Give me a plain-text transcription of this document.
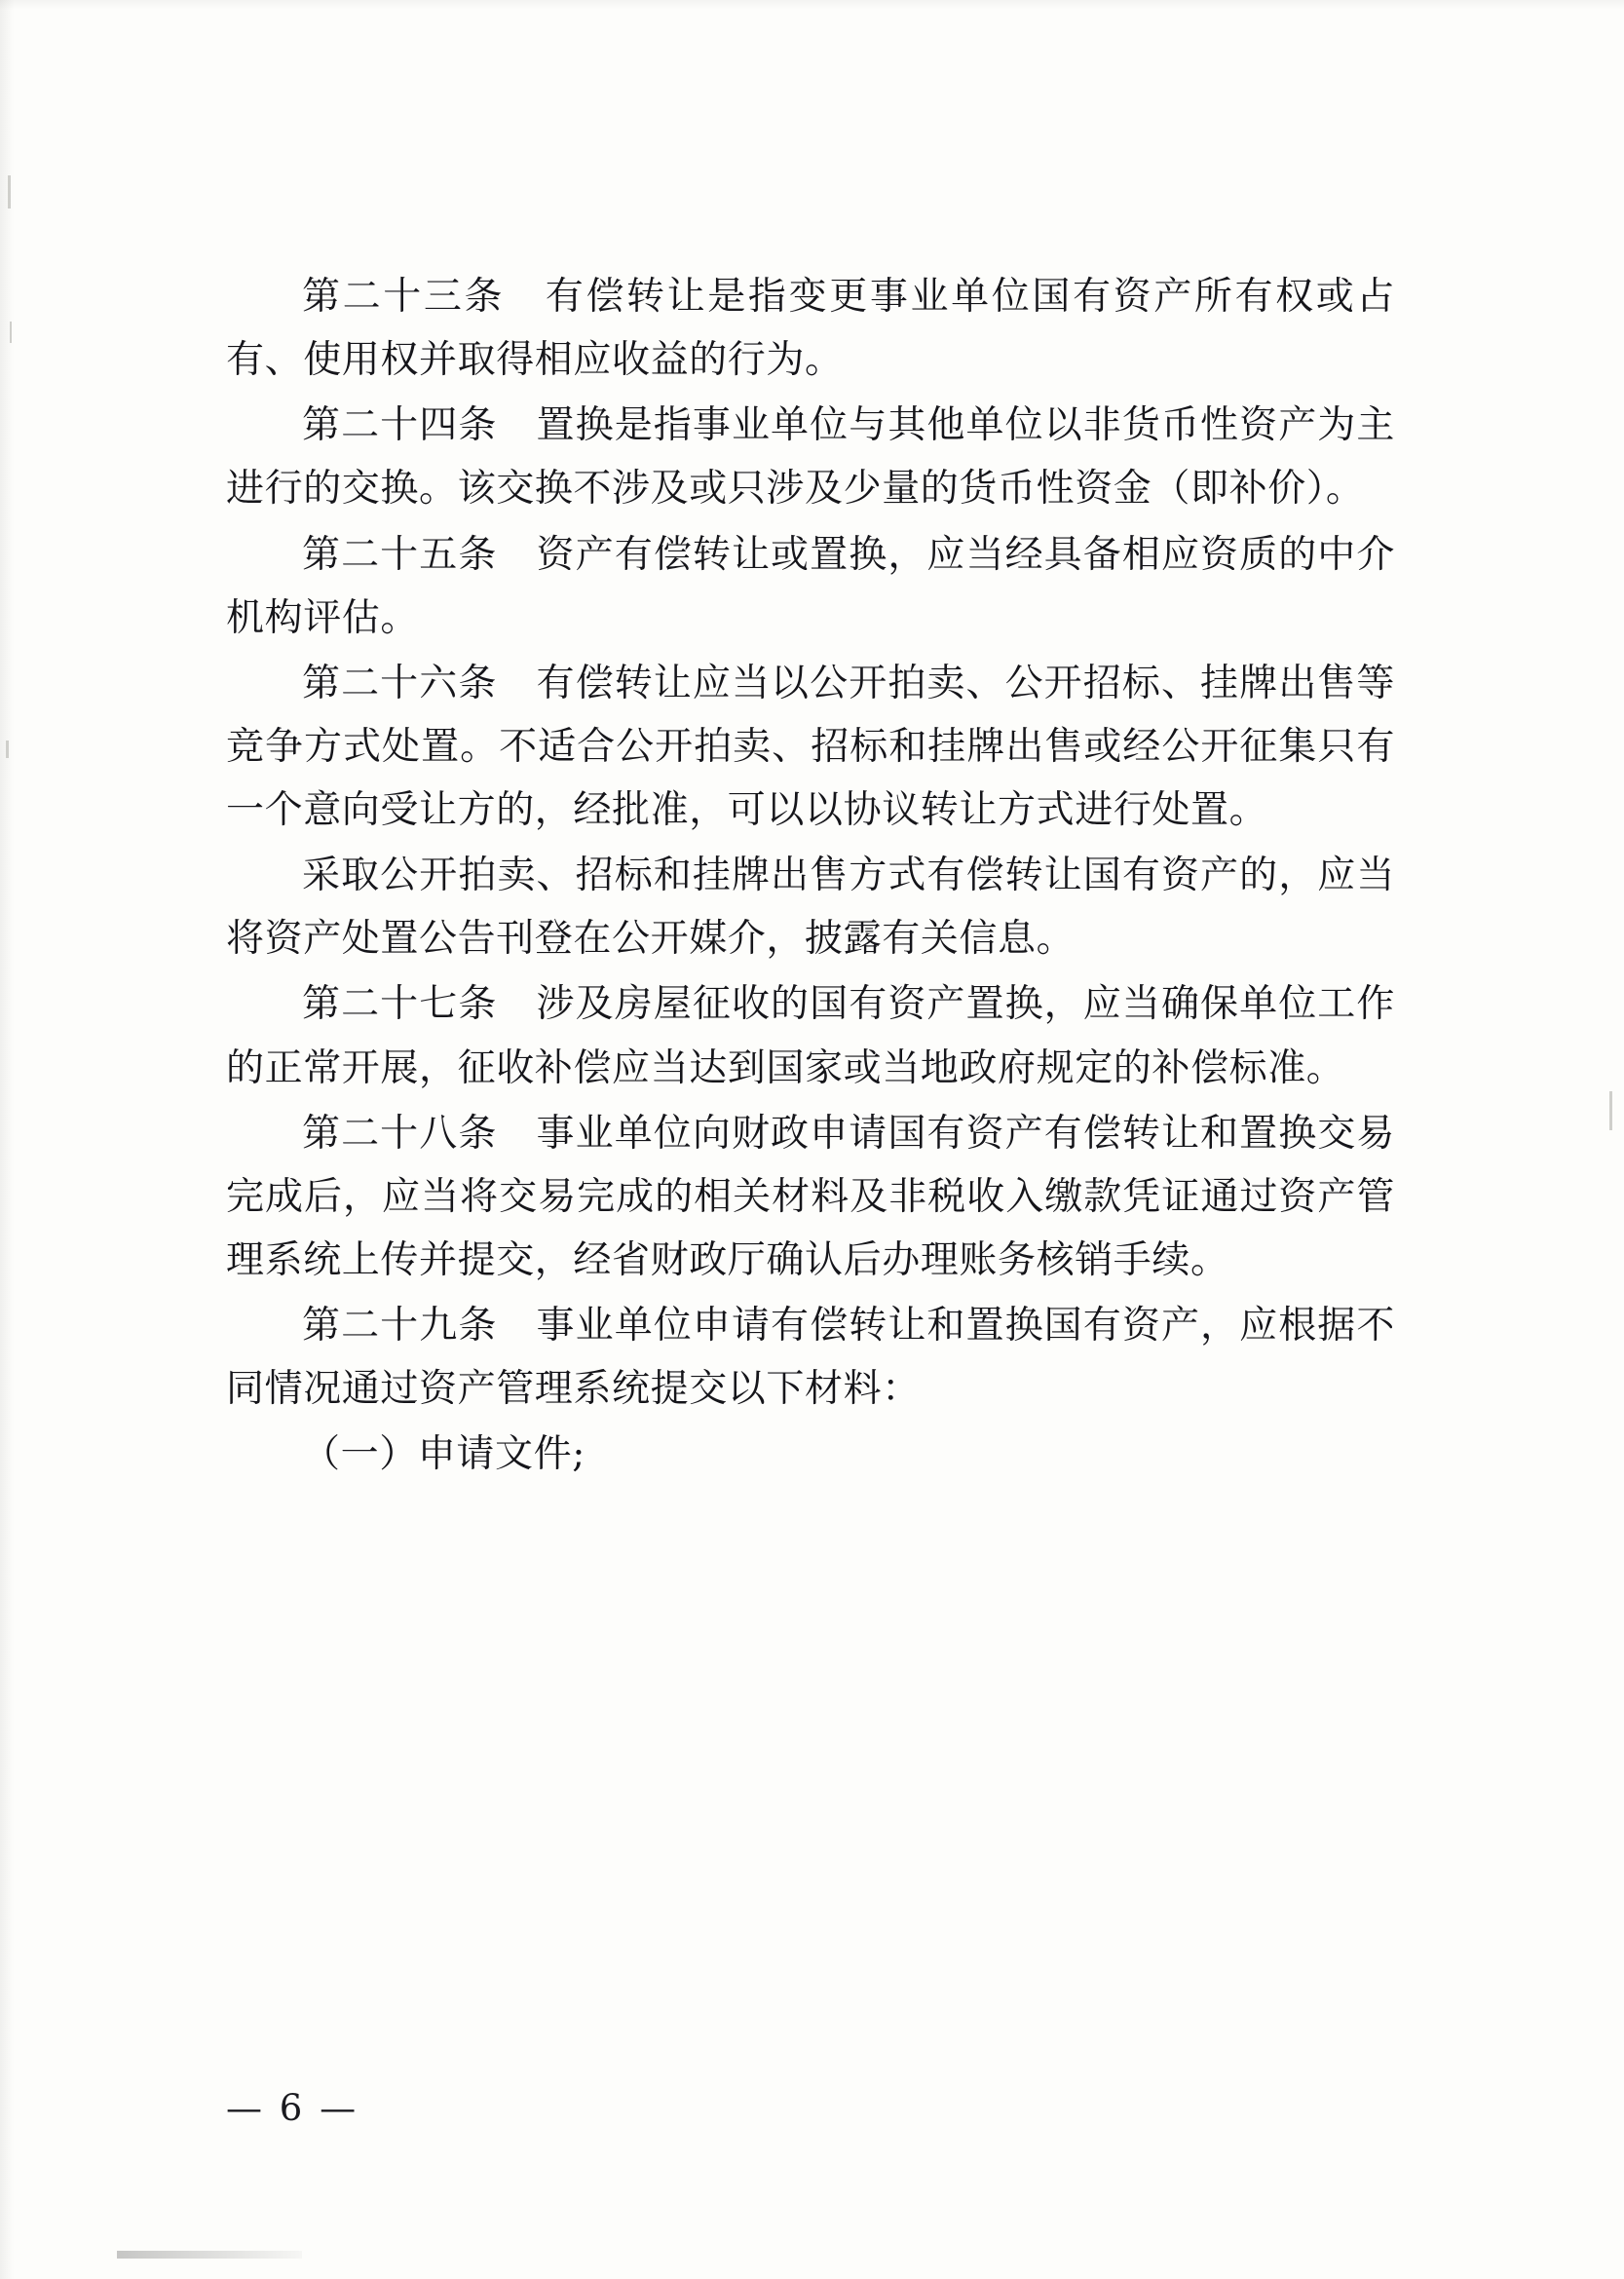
第二十三条　有偿转让是指变更事业单位国有资产所有权或占有、使用权并取得相应收益的行为。

第二十四条　置换是指事业单位与其他单位以非货币性资产为主进行的交换。该交换不涉及或只涉及少量的货币性资金（即补价）。

第二十五条　资产有偿转让或置换，应当经具备相应资质的中介机构评估。

第二十六条　有偿转让应当以公开拍卖、公开招标、挂牌出售等竞争方式处置。不适合公开拍卖、招标和挂牌出售或经公开征集只有一个意向受让方的，经批准，可以以协议转让方式进行处置。

采取公开拍卖、招标和挂牌出售方式有偿转让国有资产的，应当将资产处置公告刊登在公开媒介，披露有关信息。

第二十七条　涉及房屋征收的国有资产置换，应当确保单位工作的正常开展，征收补偿应当达到国家或当地政府规定的补偿标准。

第二十八条　事业单位向财政申请国有资产有偿转让和置换交易完成后，应当将交易完成的相关材料及非税收入缴款凭证通过资产管理系统上传并提交，经省财政厅确认后办理账务核销手续。

第二十九条　事业单位申请有偿转让和置换国有资产，应根据不同情况通过资产管理系统提交以下材料：

（一）申请文件;

— 6 —
